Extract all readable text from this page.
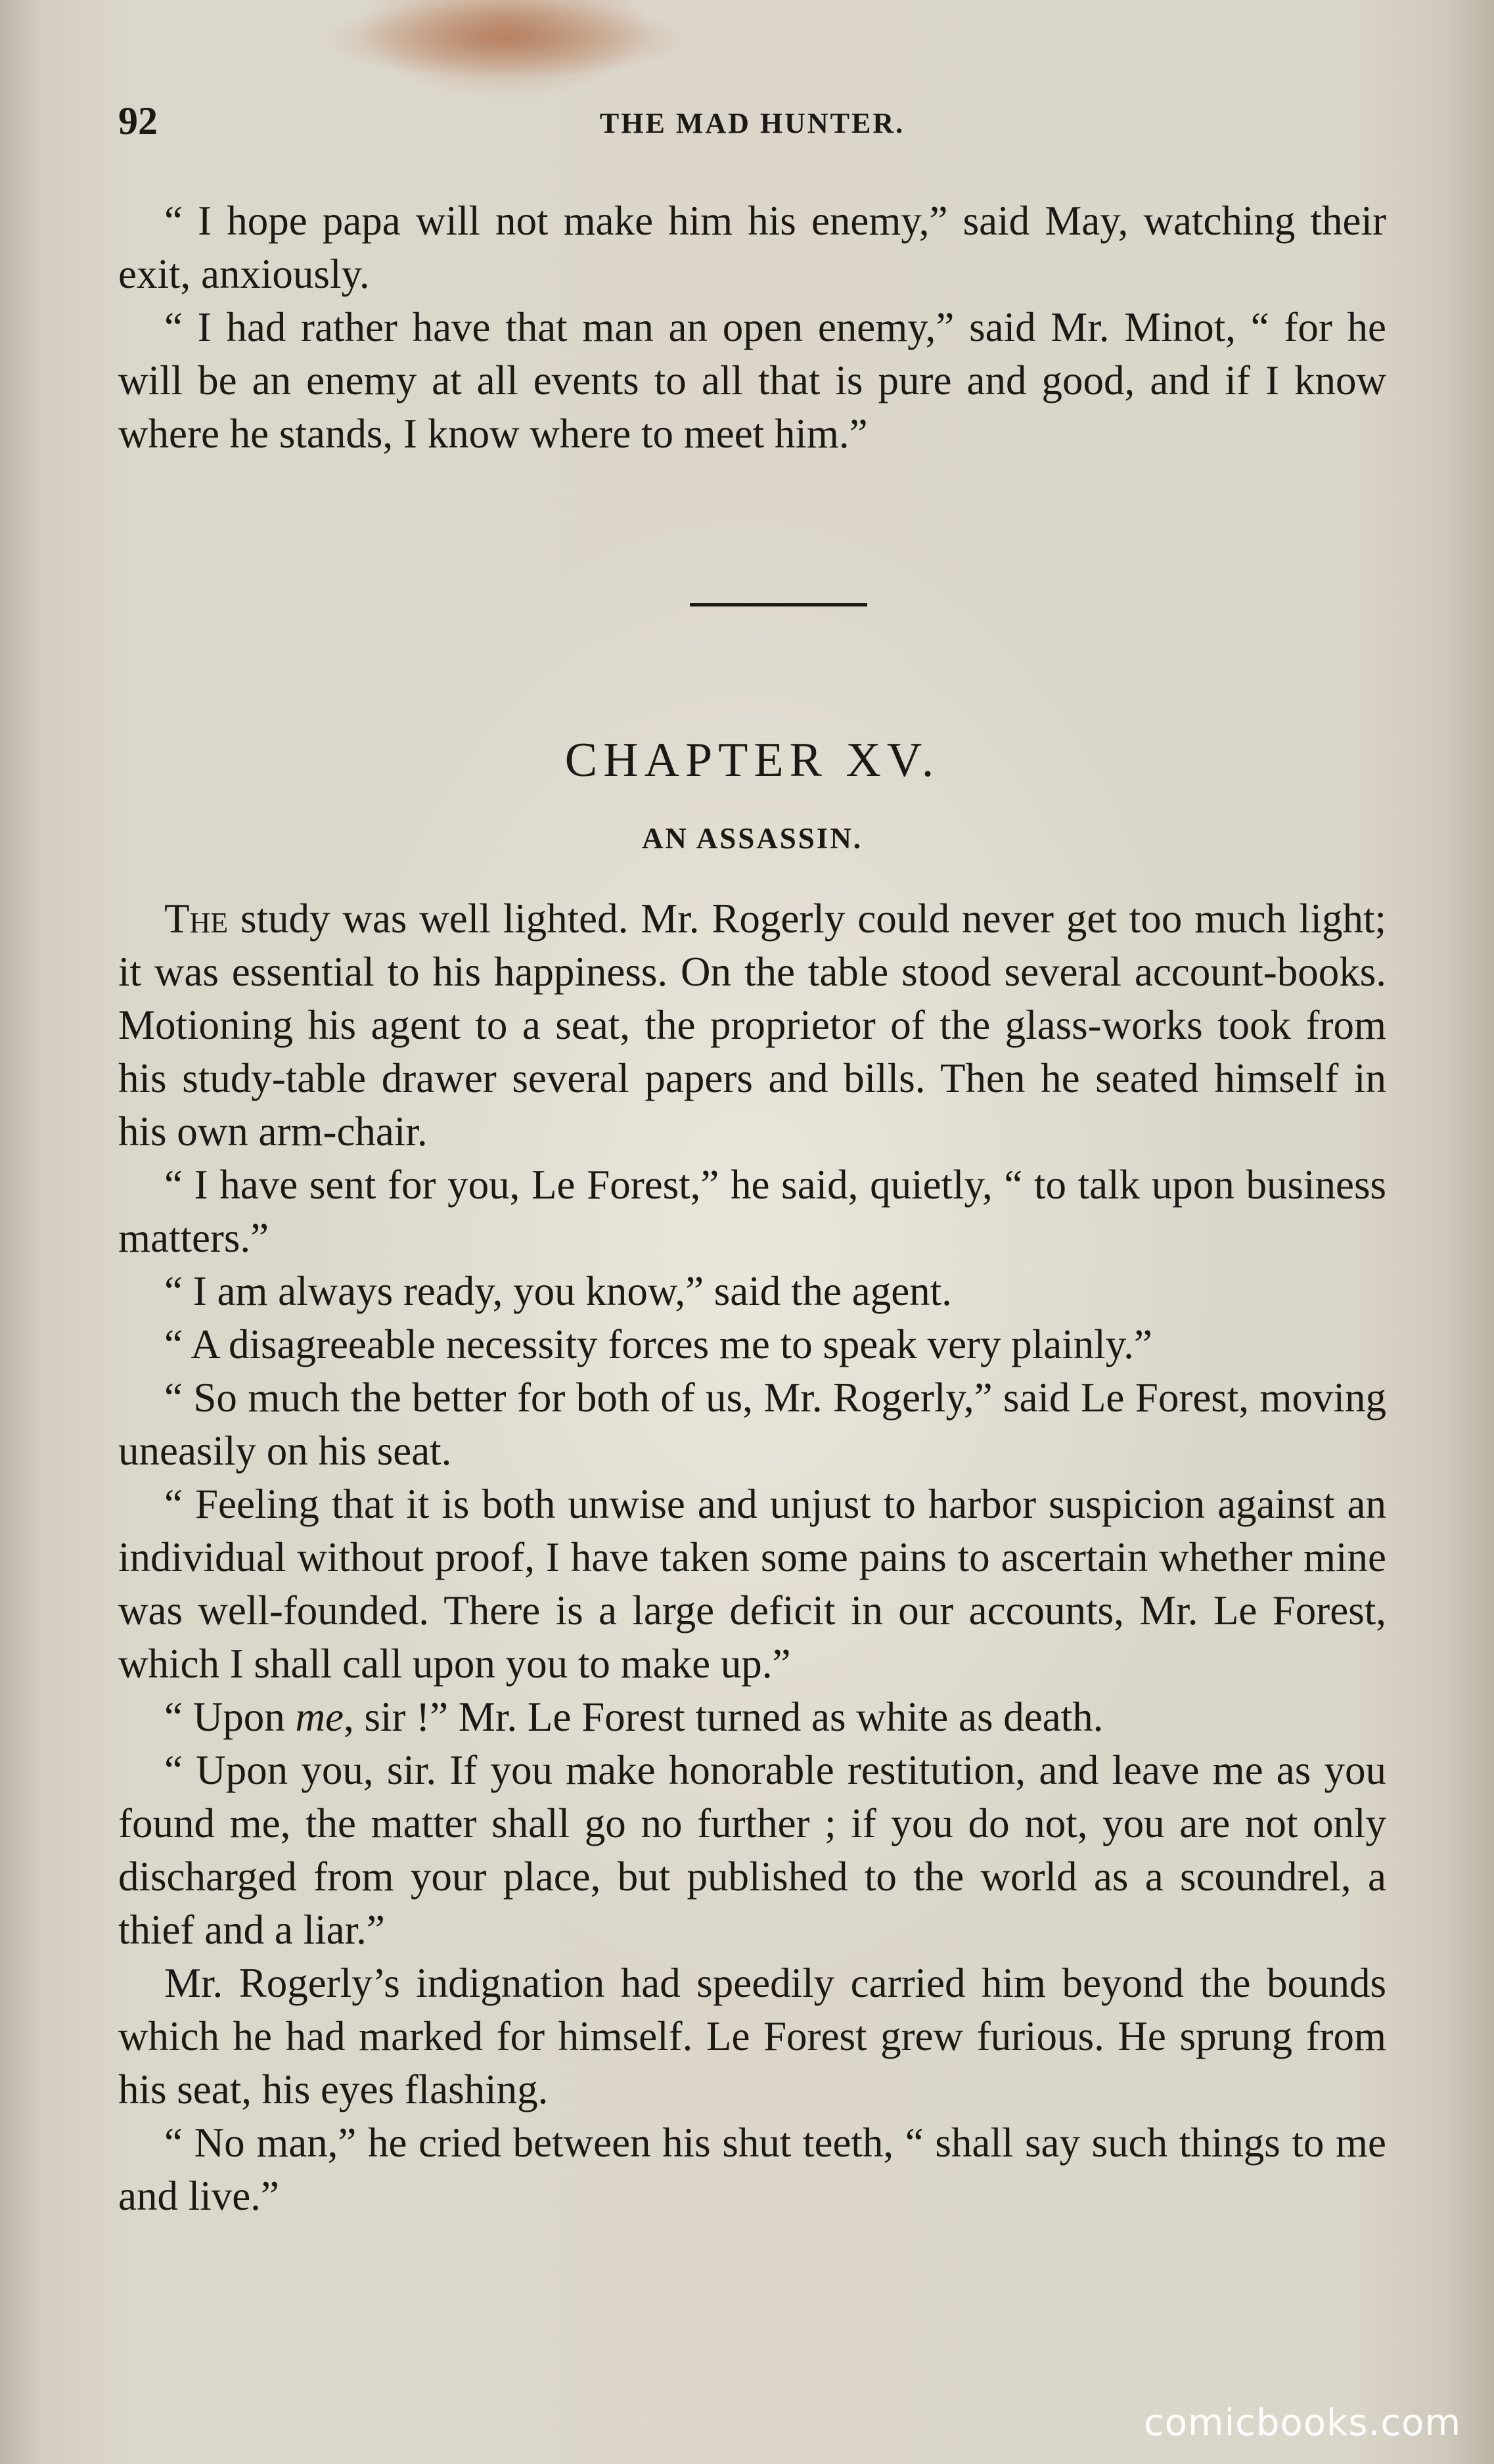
92	THE MAD HUNTER.

“ I hope papa will not make him his enemy,” said May, watching their exit, anxiously.

“ I had rather have that man an open enemy,” said Mr. Minot, “ for he will be an enemy at all events to all that is pure and good, and if I know where he stands, I know where to meet him.”

CHAPTER XV.
AN ASSASSIN.

The study was well lighted. Mr. Rogerly could never get too much light; it was essential to his happiness. On the table stood several account-books. Motioning his agent to a seat, the proprietor of the glass-works took from his study-table drawer several papers and bills. Then he seated himself in his own arm-chair.

“ I have sent for you, Le Forest,” he said, quietly, “ to talk upon business matters.”

“ I am always ready, you know,” said the agent.

“ A disagreeable necessity forces me to speak very plainly.”

“ So much the better for both of us, Mr. Rogerly,” said Le Forest, moving uneasily on his seat.

“ Feeling that it is both unwise and unjust to harbor suspicion against an individual without proof, I have taken some pains to ascertain whether mine was well-founded. There is a large deficit in our accounts, Mr. Le Forest, which I shall call upon you to make up.”

“ Upon me, sir !” Mr. Le Forest turned as white as death.

“ Upon you, sir. If you make honorable restitution, and leave me as you found me, the matter shall go no further ; if you do not, you are not only discharged from your place, but published to the world as a scoundrel, a thief and a liar.”

Mr. Rogerly’s indignation had speedily carried him beyond the bounds which he had marked for himself. Le Forest grew furious. He sprung from his seat, his eyes flashing.

“ No man,” he cried between his shut teeth, “ shall say such things to me and live.”

comicbooks.com
